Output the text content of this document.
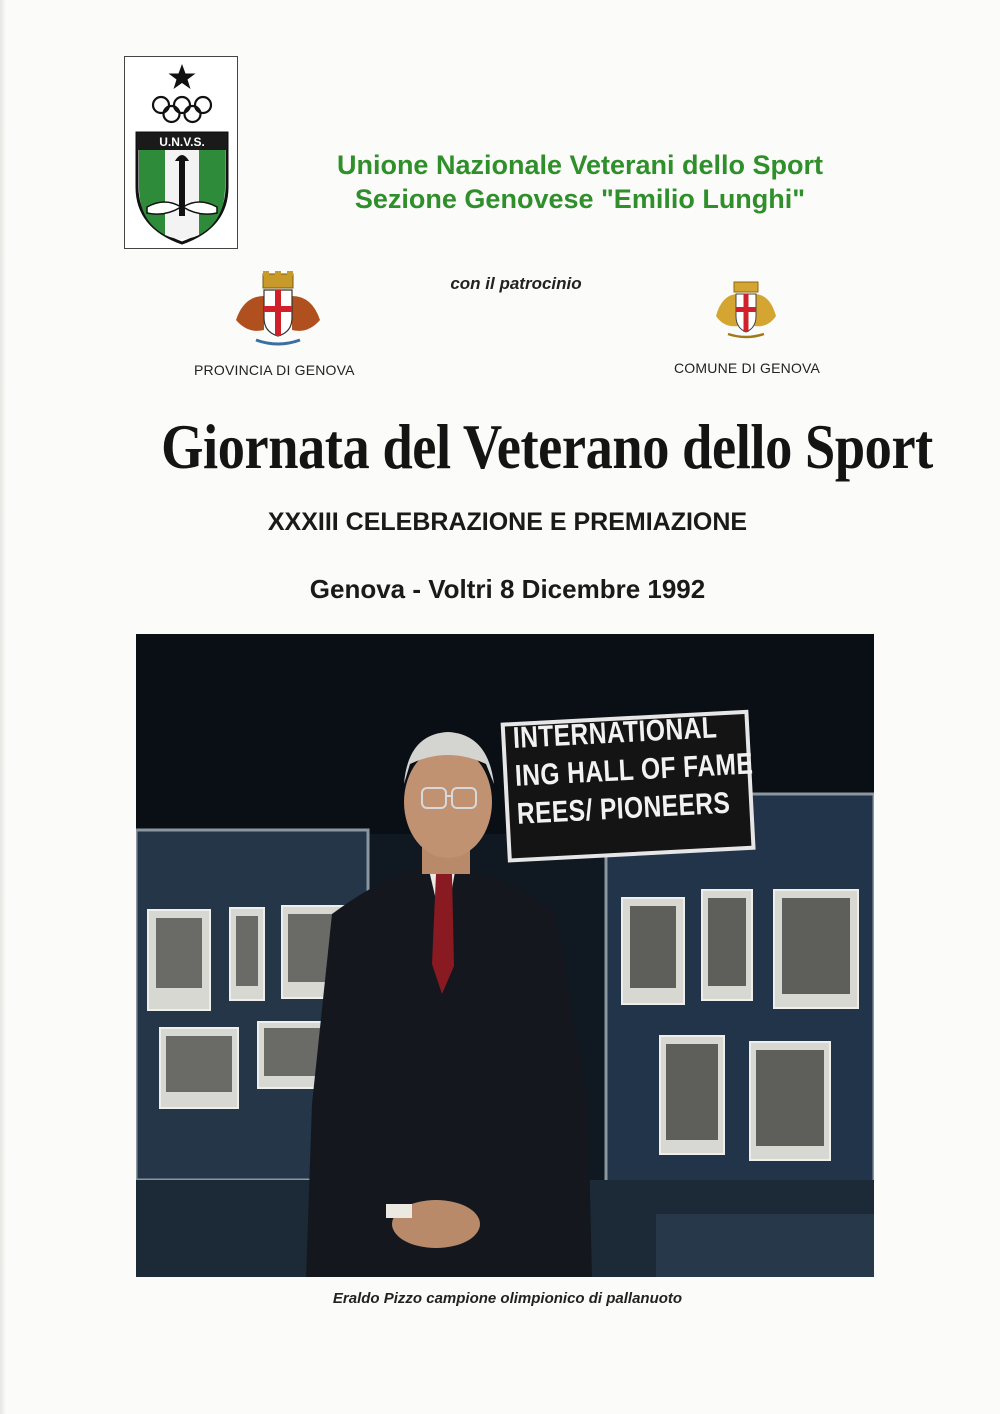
U.N.V.S.
Unione Nazionale Veterani dello Sport
Sezione Genovese "Emilio Lunghi"
con il patrocinio
PROVINCIA DI GENOVA	COMUNE DI GENOVA
Giornata del Veterano dello Sport
XXXIII CELEBRAZIONE E PREMIAZIONE
Genova - Voltri 8 Dicembre 1992
INTERNATIONAL
ING HALL OF FAME
REES/ PIONEERS
Eraldo Pizzo campione olimpionico di pallanuoto
